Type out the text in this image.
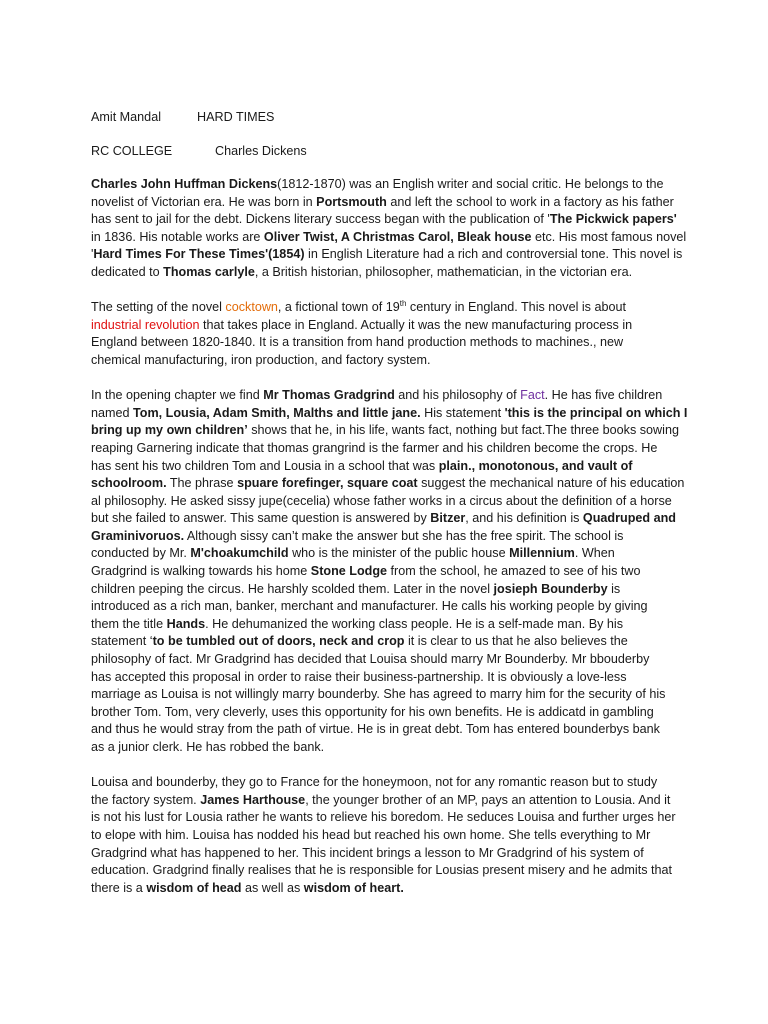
Amit Mandal	HARD TIMES
RC COLLEGE	Charles Dickens

Charles John Huffman Dickens(1812-1870) was an English writer and social critic. He belongs to the
novelist of Victorian era. He was born in Portsmouth and left the school to work in a factory as his father
has sent to jail for the debt. Dickens literary success began with the publication of 'The Pickwick papers'
in 1836. His notable works are Oliver Twist, A Christmas Carol, Bleak house etc. His most famous novel
'Hard Times For These Times'(1854) in English Literature had a rich and controversial tone. This novel is
dedicated to Thomas carlyle, a British historian, philosopher, mathematician, in the victorian era.

The setting of the novel cocktown, a fictional town of 19th century in England. This novel is about
industrial revolution that takes place in England. Actually it was the new manufacturing process in
England between 1820-1840. It is a transition from hand production methods to machines., new
chemical manufacturing, iron production, and factory system.

In the opening chapter we find Mr Thomas Gradgrind and his philosophy of Fact. He has five children
named Tom, Lousia, Adam Smith, Malths and little jane. His statement 'this is the principal on which I
bring up my own children’ shows that he, in his life, wants fact, nothing but fact.The three books sowing
reaping Garnering indicate that thomas grangrind is the farmer and his children become the crops. He
has sent his two children Tom and Lousia in a school that was plain., monotonous, and vault of
schoolroom. The phrase spuare forefinger, square coat suggest the mechanical nature of his education
al philosophy. He asked sissy jupe(cecelia) whose father works in a circus about the definition of a horse
but she failed to answer. This same question is answered by Bitzer, and his definition is Quadruped and
Graminivoruos. Although sissy can’t make the answer but she has the free spirit. The school is
conducted by Mr. M'choakumchild who is the minister of the public house Millennium. When
Gradgrind is walking towards his home Stone Lodge from the school, he amazed to see of his two
children peeping the circus. He harshly scolded them. Later in the novel josieph Bounderby is
introduced as a rich man, banker, merchant and manufacturer. He calls his working people by giving
them the title Hands. He dehumanized the working class people. He is a self-made man. By his
statement ‘to be tumbled out of doors, neck and crop it is clear to us that he also believes the
philosophy of fact. Mr Gradgrind has decided that Louisa should marry Mr Bounderby. Mr bbouderby
has accepted this proposal in order to raise their business-partnership. It is obviously a love-less
marriage as Louisa is not willingly marry bounderby. She has agreed to marry him for the security of his
brother Tom. Tom, very cleverly, uses this opportunity for his own benefits. He is addicatd in gambling
and thus he would stray from the path of virtue. He is in great debt. Tom has entered bounderbys bank
as a junior clerk. He has robbed the bank.

Louisa and bounderby, they go to France for the honeymoon, not for any romantic reason but to study
the factory system. James Harthouse, the younger brother of an MP, pays an attention to Lousia. And it
is not his lust for Lousia rather he wants to relieve his boredom. He seduces Louisa and further urges her
to elope with him. Louisa has nodded his head but reached his own home. She tells everything to Mr
Gradgrind what has happened to her. This incident brings a lesson to Mr Gradgrind of his system of
education. Gradgrind finally realises that he is responsible for Lousias present misery and he admits that
there is a wisdom of head as well as wisdom of heart.
